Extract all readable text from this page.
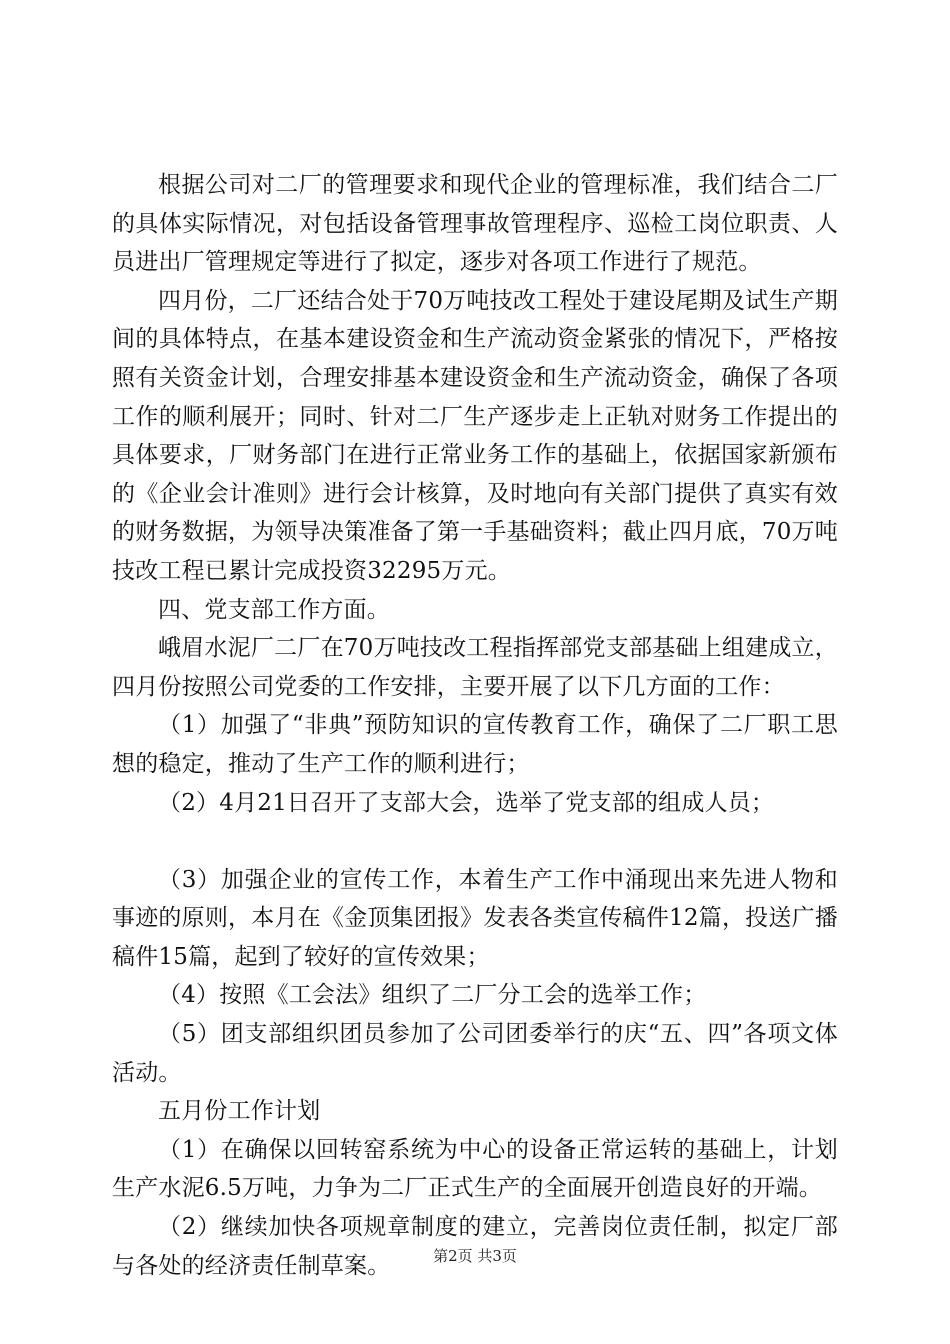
根据公司对二厂的管理要求和现代企业的管理标准，我们结合二厂的具体实际情况，对包括设备管理事故管理程序、巡检工岗位职责、人员进出厂管理规定等进行了拟定，逐步对各项工作进行了规范。

四月份，二厂还结合处于70万吨技改工程处于建设尾期及试生产期间的具体特点，在基本建设资金和生产流动资金紧张的情况下，严格按照有关资金计划，合理安排基本建设资金和生产流动资金，确保了各项工作的顺利展开；同时、针对二厂生产逐步走上正轨对财务工作提出的具体要求，厂财务部门在进行正常业务工作的基础上，依据国家新颁布的《企业会计准则》进行会计核算，及时地向有关部门提供了真实有效的财务数据，为领导决策准备了第一手基础资料；截止四月底，70万吨技改工程已累计完成投资32295万元。

四、党支部工作方面。

峨眉水泥厂二厂在70万吨技改工程指挥部党支部基础上组建成立，四月份按照公司党委的工作安排，主要开展了以下几方面的工作：

（1）加强了“非典”预防知识的宣传教育工作，确保了二厂职工思想的稳定，推动了生产工作的顺利进行；

（2）4月21日召开了支部大会，选举了党支部的组成人员；

（3）加强企业的宣传工作，本着生产工作中涌现出来先进人物和事迹的原则，本月在《金顶集团报》发表各类宣传稿件12篇，投送广播稿件15篇，起到了较好的宣传效果；

（4）按照《工会法》组织了二厂分工会的选举工作；

（5）团支部组织团员参加了公司团委举行的庆“五、四”各项文体活动。

五月份工作计划

（1）在确保以回转窑系统为中心的设备正常运转的基础上，计划生产水泥6.5万吨，力争为二厂正式生产的全面展开创造良好的开端。

（2）继续加快各项规章制度的建立，完善岗位责任制，拟定厂部与各处的经济责任制草案。	第2页 共3页
